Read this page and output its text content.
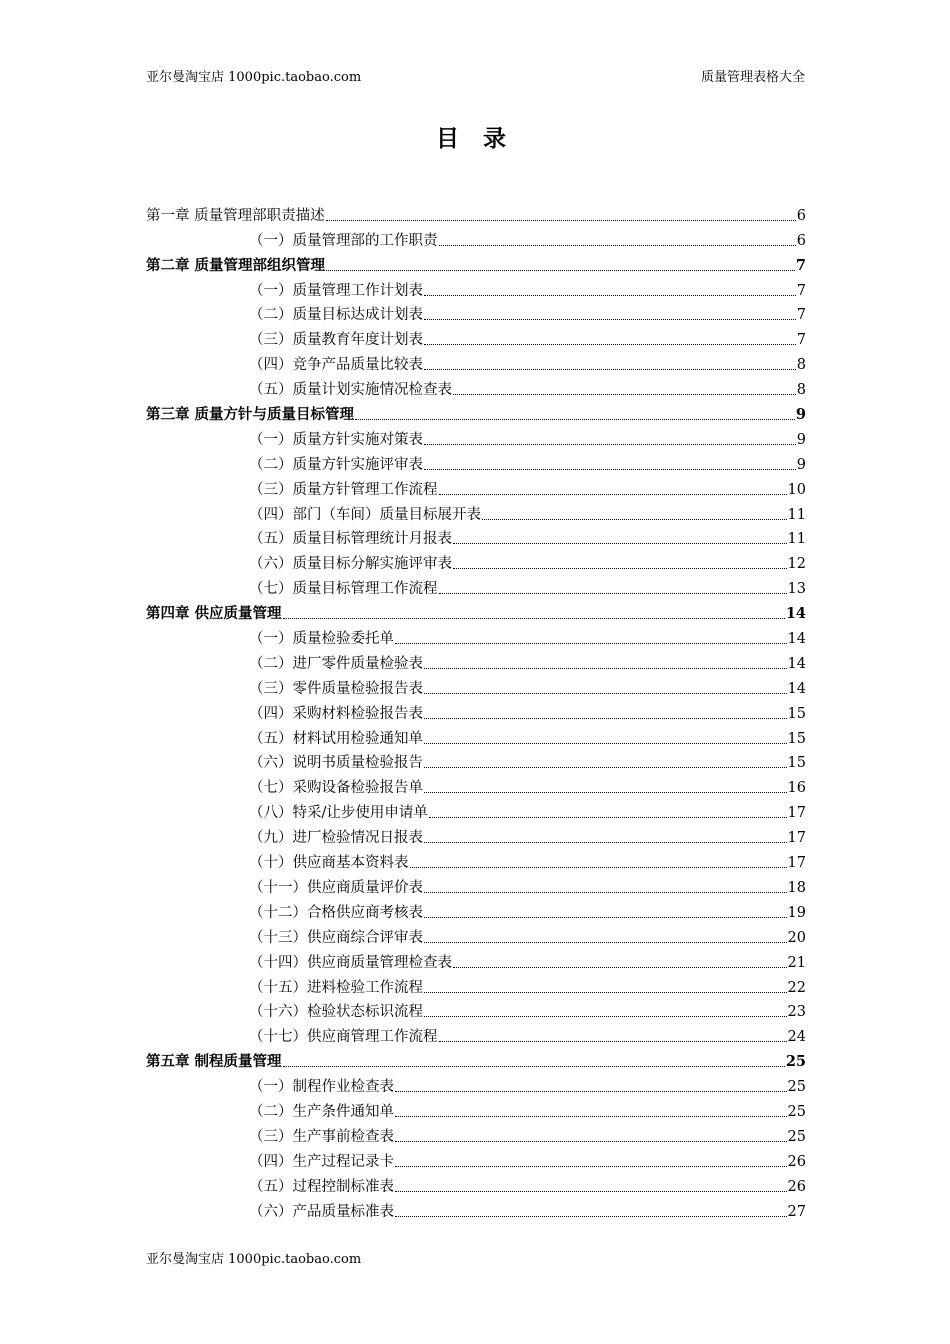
亚尔曼淘宝店 1000pic.taobao.com	质量管理表格大全
目 录
第一章 质量管理部职责描述	6
（一）质量管理部的工作职责	6
第二章 质量管理部组织管理	7
（一）质量管理工作计划表	7
（二）质量目标达成计划表	7
（三）质量教育年度计划表	7
（四）竞争产品质量比较表	8
（五）质量计划实施情况检查表	8
第三章 质量方针与质量目标管理	9
（一）质量方针实施对策表	9
（二）质量方针实施评审表	9
（三）质量方针管理工作流程	10
（四）部门（车间）质量目标展开表	11
（五）质量目标管理统计月报表	11
（六）质量目标分解实施评审表	12
（七）质量目标管理工作流程	13
第四章 供应质量管理	14
（一）质量检验委托单	14
（二）进厂零件质量检验表	14
（三）零件质量检验报告表	14
（四）采购材料检验报告表	15
（五）材料试用检验通知单	15
（六）说明书质量检验报告	15
（七）采购设备检验报告单	16
（八）特采/让步使用申请单	17
（九）进厂检验情况日报表	17
（十）供应商基本资料表	17
（十一）供应商质量评价表	18
（十二）合格供应商考核表	19
（十三）供应商综合评审表	20
（十四）供应商质量管理检查表	21
（十五）进料检验工作流程	22
（十六）检验状态标识流程	23
（十七）供应商管理工作流程	24
第五章 制程质量管理	25
（一）制程作业检查表	25
（二）生产条件通知单	25
（三）生产事前检查表	25
（四）生产过程记录卡	26
（五）过程控制标准表	26
（六）产品质量标准表	27
亚尔曼淘宝店 1000pic.taobao.com
